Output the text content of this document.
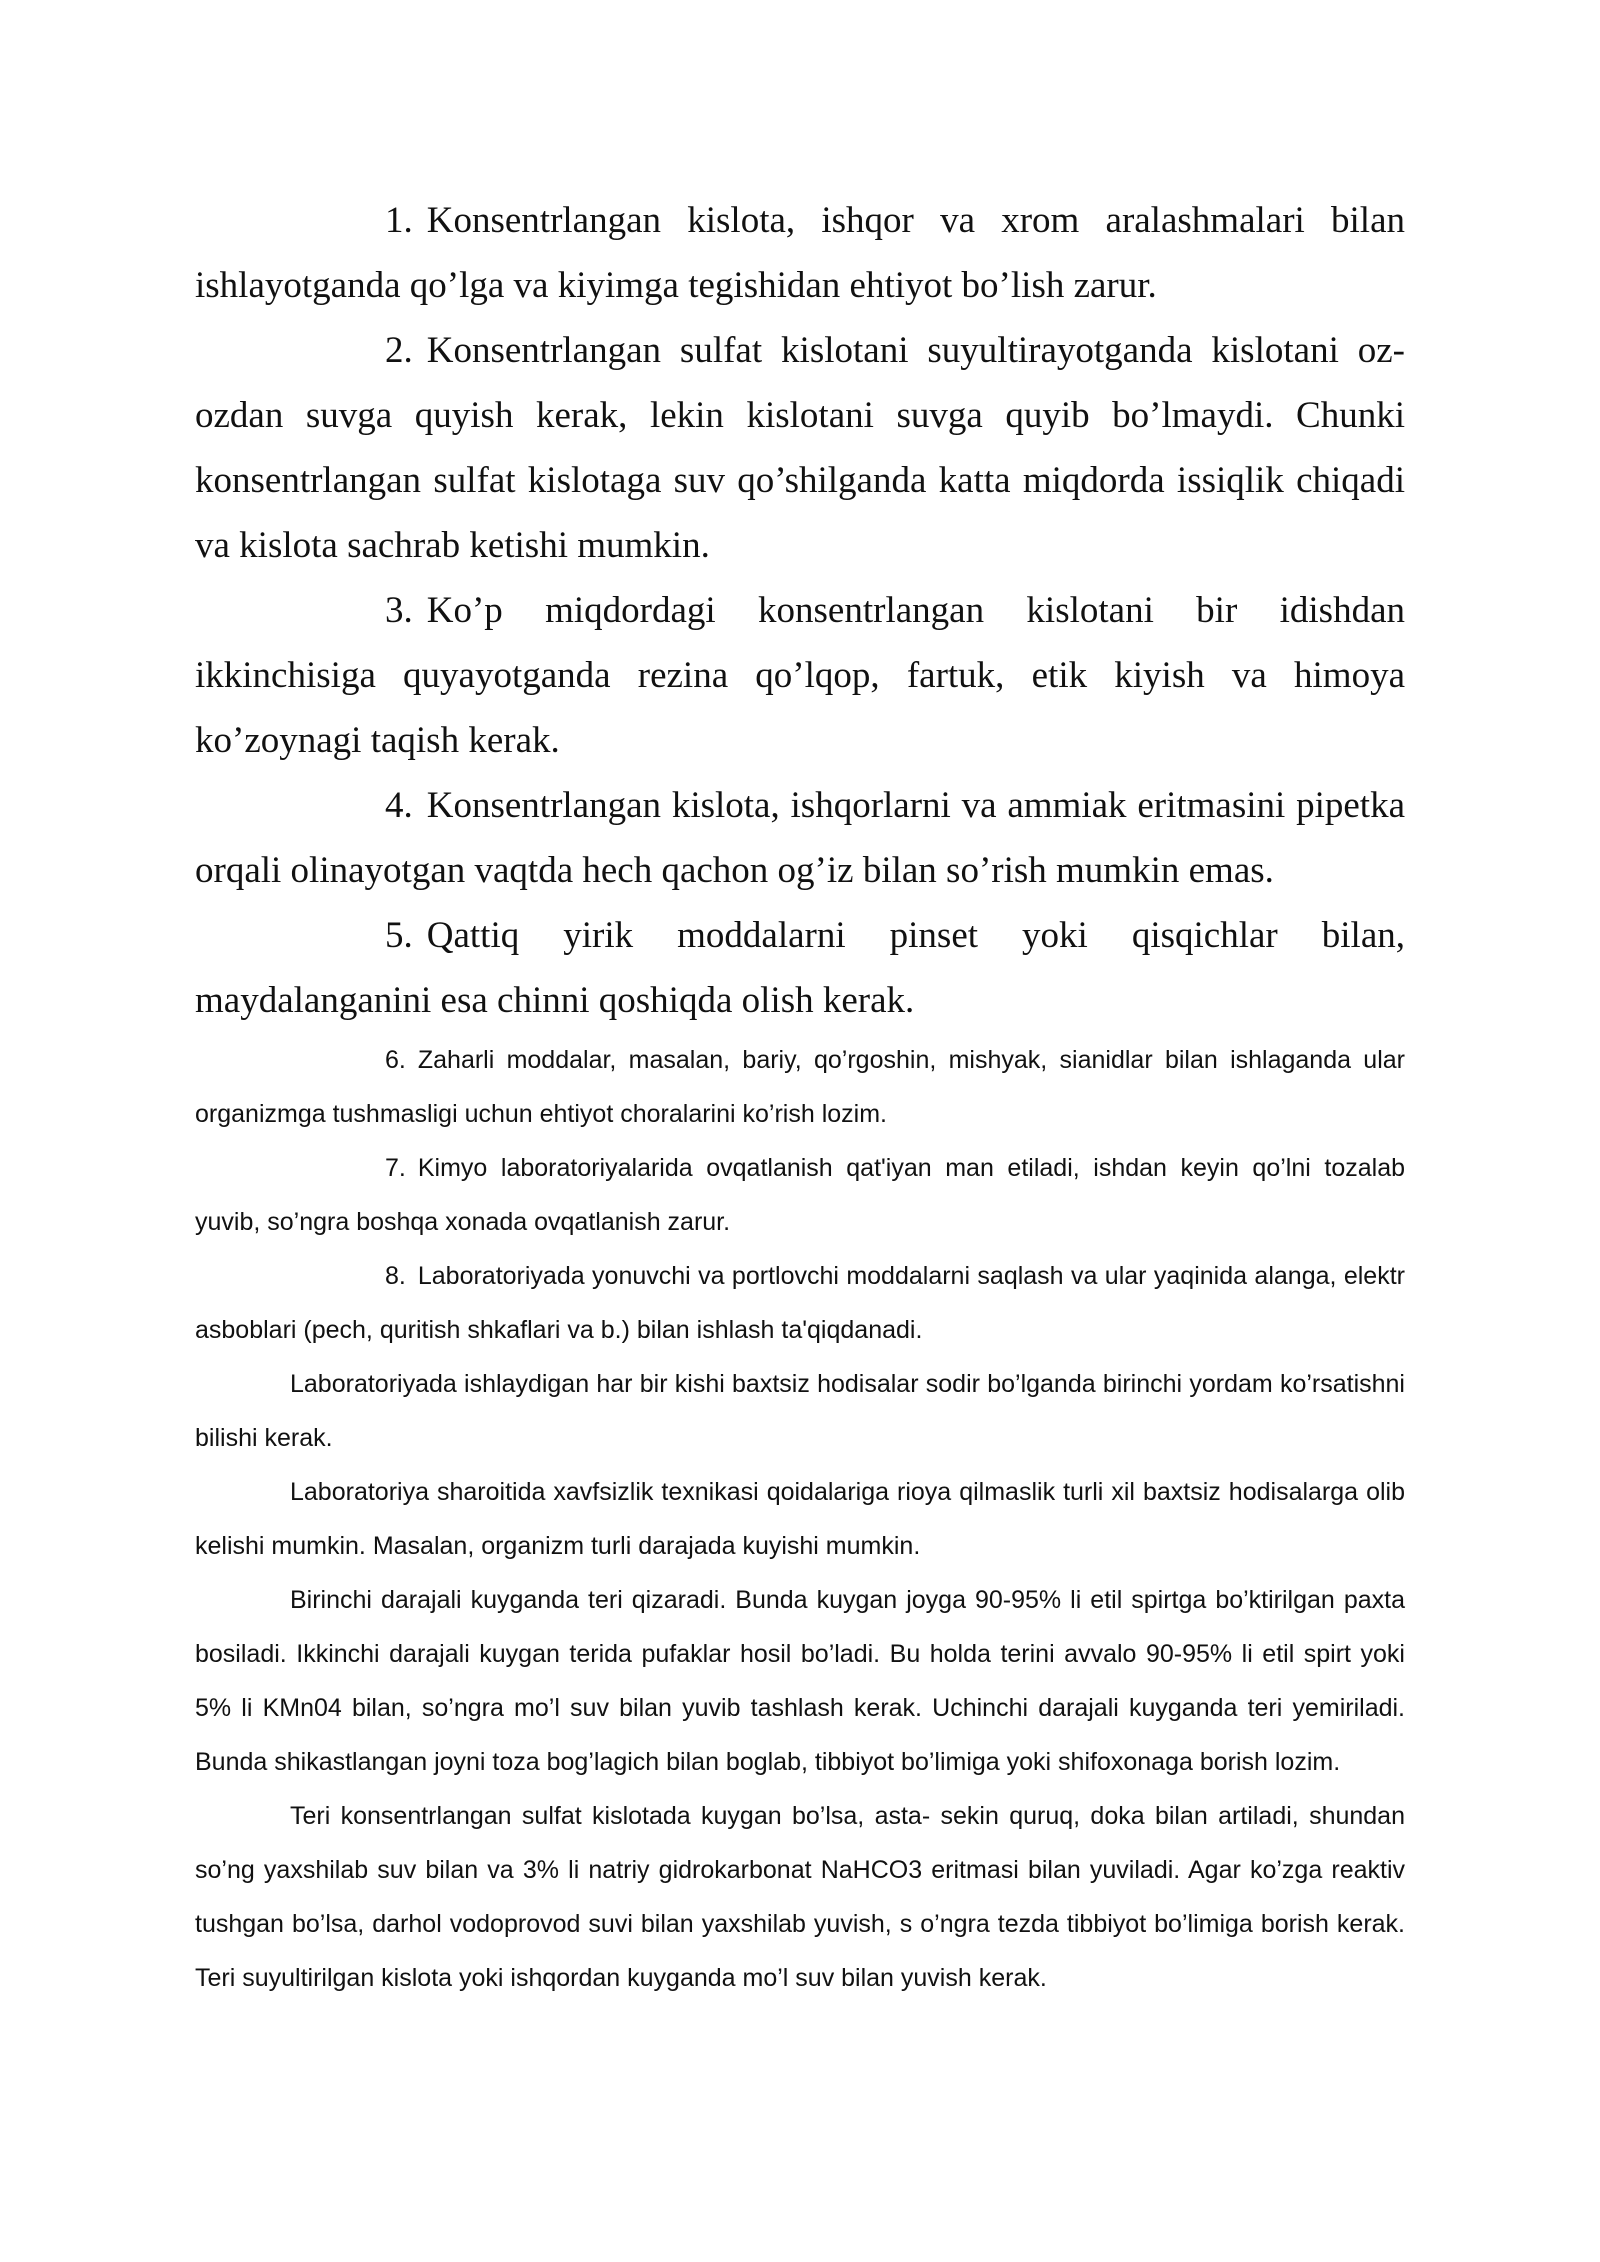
1. Konsentrlangan kislota, ishqor va xrom aralashmalari bilan ishlayotganda qo’lga va kiyimga tegishidan ehtiyot bo’lish zarur.

2. Konsentrlangan sulfat kislotani suyultirayotganda kislotani oz-ozdan suvga quyish kerak, lekin kislotani suvga quyib bo’lmaydi. Chunki konsentrlangan sulfat kislotaga suv qo’shilganda katta miqdorda issiqlik chiqadi va kislota sachrab ketishi mumkin.

3. Ko’p miqdordagi konsentrlangan kislotani bir idishdan ikkinchisiga quyayotganda rezina qo’lqop, fartuk, etik kiyish va himoya ko’zoynagi taqish kerak.

4. Konsentrlangan kislota, ishqorlarni va ammiak eritmasini pipetka orqali olinayotgan vaqtda hech qachon og’iz bilan so’rish mumkin emas.

5. Qattiq yirik moddalarni pinset yoki qisqichlar bilan, maydalanganini esa chinni qoshiqda olish kerak.

6. Zaharli moddalar, masalan, bariy, qo’rgoshin, mishyak, sianidlar bilan ishlaganda ular organizmga tushmasligi uchun ehtiyot choralarini ko’rish lozim.

7. Kimyo laboratoriyalarida ovqatlanish qat'iyan man etiladi, ishdan keyin qo’lni tozalab yuvib, so’ngra boshqa xonada ovqatlanish zarur.

8. Laboratoriyada yonuvchi va portlovchi moddalarni saqlash va ular yaqinida alanga, elektr asboblari (pech, quritish shkaflari va b.) bilan ishlash ta'qiqdanadi.

Laboratoriyada ishlaydigan har bir kishi baxtsiz hodisalar sodir bo’lganda birinchi yordam ko’rsatishni bilishi kerak.

Laboratoriya sharoitida xavfsizlik texnikasi qoidalariga rioya qilmaslik turli xil baxtsiz hodisalarga olib kelishi mumkin. Masalan, organizm turli darajada kuyishi mumkin.

Birinchi darajali kuyganda teri qizaradi. Bunda kuygan joyga 90-95% li etil spirtga bo’ktirilgan paxta bosiladi. Ikkinchi darajali kuygan terida pufaklar hosil bo’ladi. Bu holda terini avvalo 90-95% li etil spirt yoki 5% li KMn04 bilan, so’ngra mo’l suv bilan yuvib tashlash kerak. Uchinchi darajali kuyganda teri yemiriladi. Bunda shikastlangan joyni toza bog’lagich bilan boglab, tibbiyot bo’limiga yoki shifoxonaga borish lozim.

Teri konsentrlangan sulfat kislotada kuygan bo’lsa, asta- sekin quruq, doka bilan artiladi, shundan so’ng yaxshilab suv bilan va 3% li natriy gidrokarbonat NaHCO3 eritmasi bilan yuviladi. Agar ko’zga reaktiv tushgan bo’lsa, darhol vodoprovod suvi bilan yaxshilab yuvish, s o’ngra tezda tibbiyot bo’limiga borish kerak. Teri suyultirilgan kislota yoki ishqordan kuyganda mo’l suv bilan yuvish kerak.
